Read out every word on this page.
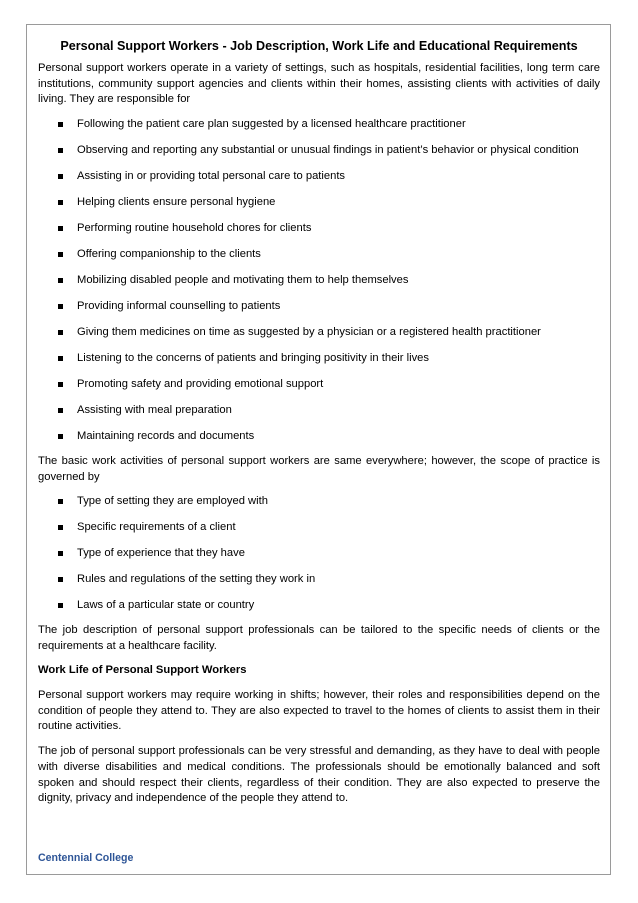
Personal Support Workers - Job Description, Work Life and Educational Requirements

Personal support workers operate in a variety of settings, such as hospitals, residential facilities, long term care institutions, community support agencies and clients within their homes, assisting clients with activities of daily living. They are responsible for

Following the patient care plan suggested by a licensed healthcare practitioner
Observing and reporting any substantial or unusual findings in patient’s behavior or physical condition
Assisting in or providing total personal care to patients
Helping clients ensure personal hygiene
Performing routine household chores for clients
Offering companionship to the clients
Mobilizing disabled people and motivating them to help themselves
Providing informal counselling to patients
Giving them medicines on time as suggested by a physician or a registered health practitioner
Listening to the concerns of patients and bringing positivity in their lives
Promoting safety and providing emotional support
Assisting with meal preparation
Maintaining records and documents

The basic work activities of personal support workers are same everywhere; however, the scope of practice is governed by

Type of setting they are employed with
Specific requirements of a client
Type of experience that they have
Rules and regulations of the setting they work in
Laws of a particular state or country

The job description of personal support professionals can be tailored to the specific needs of clients or the requirements at a healthcare facility.

Work Life of Personal Support Workers

Personal support workers may require working in shifts; however, their roles and responsibilities depend on the condition of people they attend to. They are also expected to travel to the homes of clients to assist them in their routine activities.

The job of personal support professionals can be very stressful and demanding, as they have to deal with people with diverse disabilities and medical conditions. The professionals should be emotionally balanced and soft spoken and should respect their clients, regardless of their condition. They are also expected to preserve the dignity, privacy and independence of the people they attend to.

Centennial College
